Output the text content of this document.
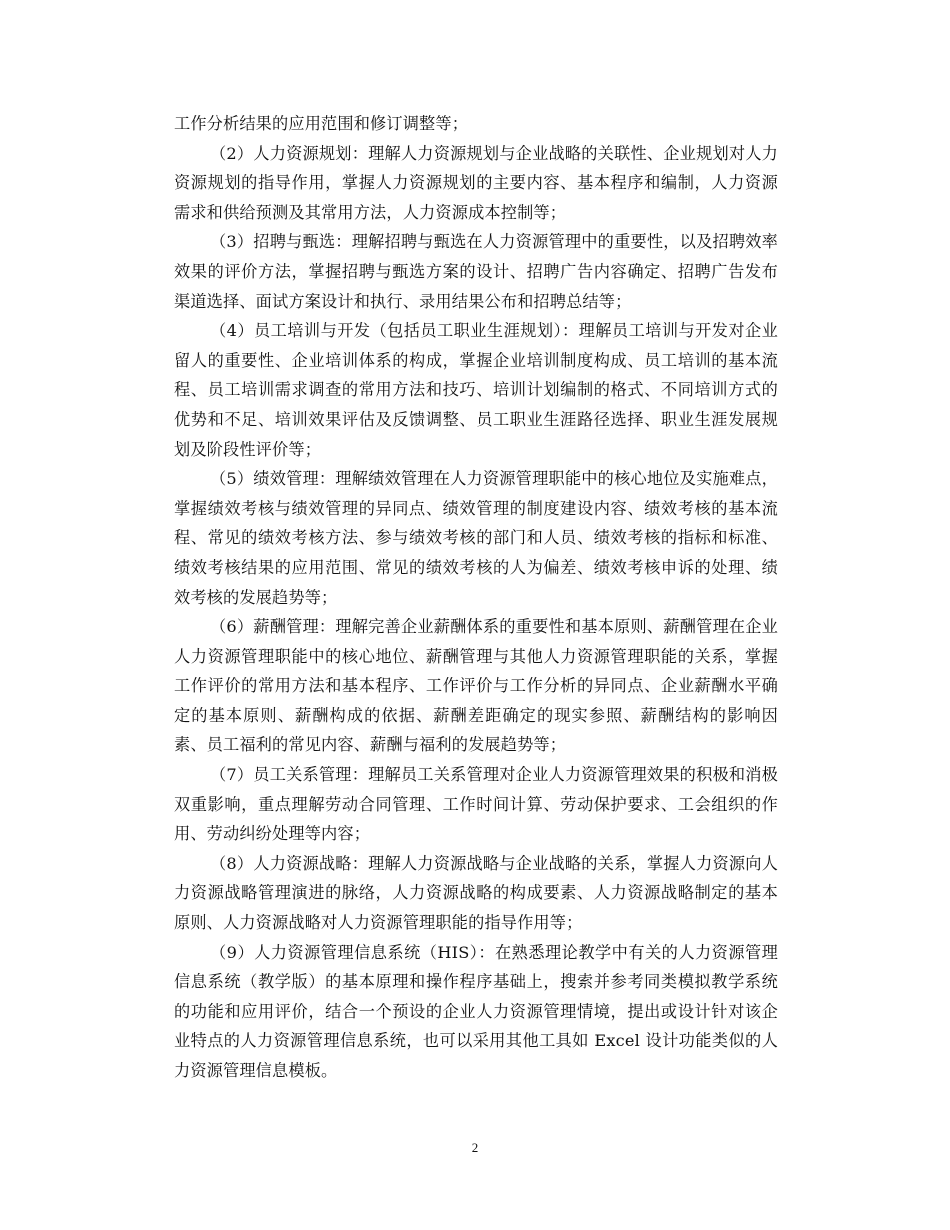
工作分析结果的应用范围和修订调整等；

（2）人力资源规划：理解人力资源规划与企业战略的关联性、企业规划对人力资源规划的指导作用，掌握人力资源规划的主要内容、基本程序和编制，人力资源需求和供给预测及其常用方法，人力资源成本控制等；

（3）招聘与甄选：理解招聘与甄选在人力资源管理中的重要性，以及招聘效率效果的评价方法，掌握招聘与甄选方案的设计、招聘广告内容确定、招聘广告发布渠道选择、面试方案设计和执行、录用结果公布和招聘总结等；

（4）员工培训与开发（包括员工职业生涯规划）：理解员工培训与开发对企业留人的重要性、企业培训体系的构成，掌握企业培训制度构成、员工培训的基本流程、员工培训需求调查的常用方法和技巧、培训计划编制的格式、不同培训方式的优势和不足、培训效果评估及反馈调整、员工职业生涯路径选择、职业生涯发展规划及阶段性评价等；

（5）绩效管理：理解绩效管理在人力资源管理职能中的核心地位及实施难点，掌握绩效考核与绩效管理的异同点、绩效管理的制度建设内容、绩效考核的基本流程、常见的绩效考核方法、参与绩效考核的部门和人员、绩效考核的指标和标准、绩效考核结果的应用范围、常见的绩效考核的人为偏差、绩效考核申诉的处理、绩效考核的发展趋势等；

（6）薪酬管理：理解完善企业薪酬体系的重要性和基本原则、薪酬管理在企业人力资源管理职能中的核心地位、薪酬管理与其他人力资源管理职能的关系，掌握工作评价的常用方法和基本程序、工作评价与工作分析的异同点、企业薪酬水平确定的基本原则、薪酬构成的依据、薪酬差距确定的现实参照、薪酬结构的影响因素、员工福利的常见内容、薪酬与福利的发展趋势等；

（7）员工关系管理：理解员工关系管理对企业人力资源管理效果的积极和消极双重影响，重点理解劳动合同管理、工作时间计算、劳动保护要求、工会组织的作用、劳动纠纷处理等内容；

（8）人力资源战略：理解人力资源战略与企业战略的关系，掌握人力资源向人力资源战略管理演进的脉络，人力资源战略的构成要素、人力资源战略制定的基本原则、人力资源战略对人力资源管理职能的指导作用等；

（9）人力资源管理信息系统（HIS）：在熟悉理论教学中有关的人力资源管理信息系统（教学版）的基本原理和操作程序基础上，搜索并参考同类模拟教学系统的功能和应用评价，结合一个预设的企业人力资源管理情境，提出或设计针对该企业特点的人力资源管理信息系统，也可以采用其他工具如 Excel 设计功能类似的人力资源管理信息模板。

2
